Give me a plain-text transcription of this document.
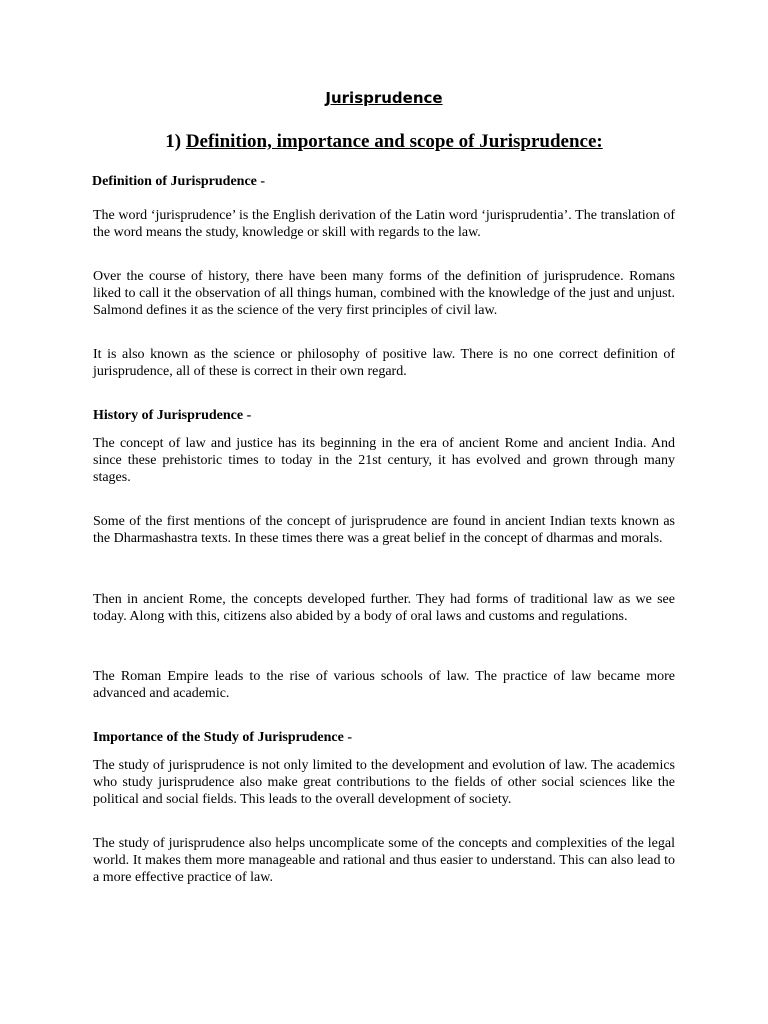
Jurisprudence
1) Definition, importance and scope of Jurisprudence:

Definition of Jurisprudence -

The word ‘jurisprudence’ is the English derivation of the Latin word ‘jurisprudentia’. The translation of the word means the study, knowledge or skill with regards to the law.

Over the course of history, there have been many forms of the definition of jurisprudence. Romans liked to call it the observation of all things human, combined with the knowledge of the just and unjust. Salmond defines it as the science of the very first principles of civil law.

It is also known as the science or philosophy of positive law. There is no one correct definition of jurisprudence, all of these is correct in their own regard.

History of Jurisprudence -

The concept of law and justice has its beginning in the era of ancient Rome and ancient India. And since these prehistoric times to today in the 21st century, it has evolved and grown through many stages.

Some of the first mentions of the concept of jurisprudence are found in ancient Indian texts known as the Dharmashastra texts. In these times there was a great belief in the concept of dharmas and morals.

Then in ancient Rome, the concepts developed further. They had forms of traditional law as we see today. Along with this, citizens also abided by a body of oral laws and customs and regulations.

The Roman Empire leads to the rise of various schools of law. The practice of law became more advanced and academic.

Importance of the Study of Jurisprudence -

The study of jurisprudence is not only limited to the development and evolution of law. The academics who study jurisprudence also make great contributions to the fields of other social sciences like the political and social fields. This leads to the overall development of society.

The study of jurisprudence also helps uncomplicate some of the concepts and complexities of the legal world. It makes them more manageable and rational and thus easier to understand. This can also lead to a more effective practice of law.
